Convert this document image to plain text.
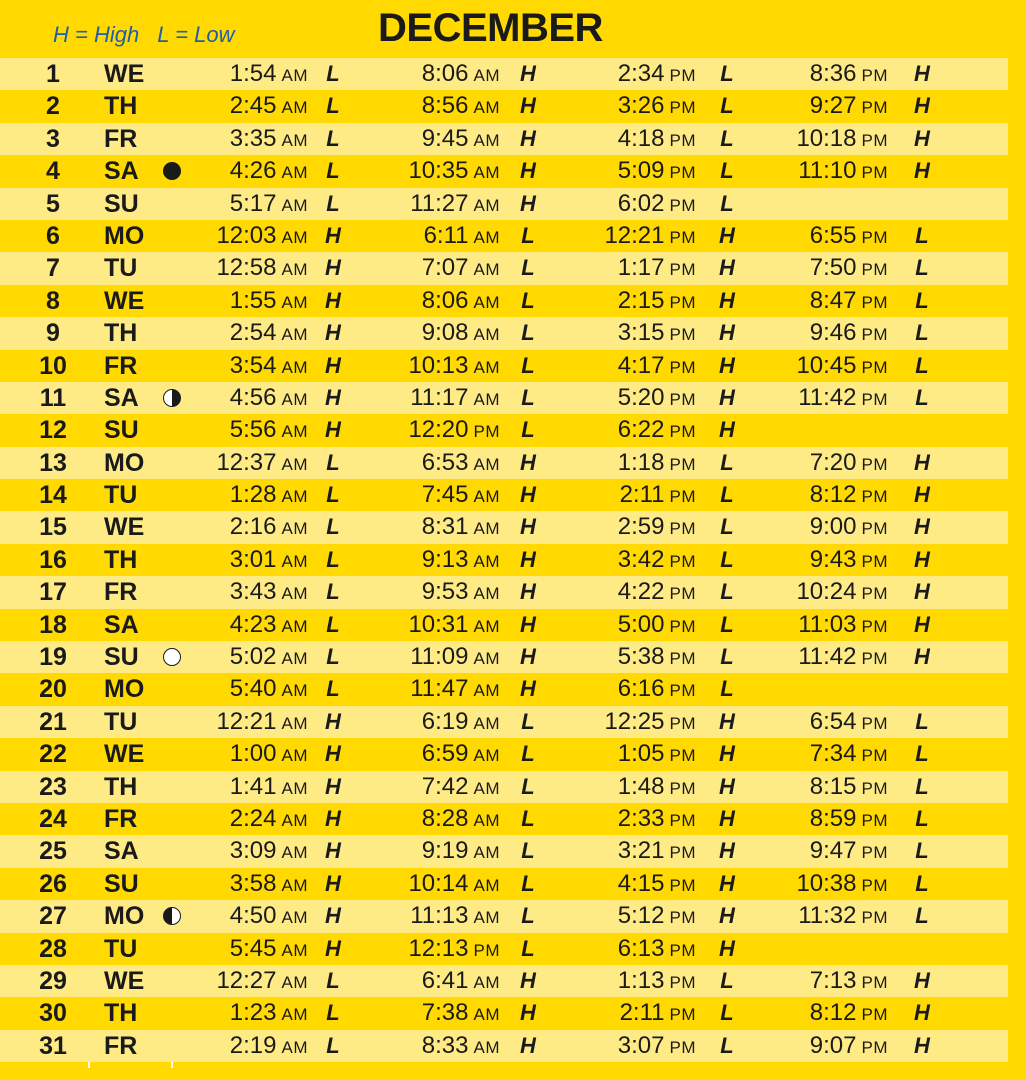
H = High L = Low	DECEMBER
1	WE	1:54 AM L	8:06 AM H	2:34 PM L	8:36 PM H
2	TH	2:45 AM L	8:56 AM H	3:26 PM L	9:27 PM H
3	FR	3:35 AM L	9:45 AM H	4:18 PM L	10:18 PM H
4	SA	4:26 AM L	10:35 AM H	5:09 PM L	11:10 PM H
5	SU	5:17 AM L	11:27 AM H	6:02 PM L
6	MO	12:03 AM H	6:11 AM L	12:21 PM H	6:55 PM L
7	TU	12:58 AM H	7:07 AM L	1:17 PM H	7:50 PM L
8	WE	1:55 AM H	8:06 AM L	2:15 PM H	8:47 PM L
9	TH	2:54 AM H	9:08 AM L	3:15 PM H	9:46 PM L
10	FR	3:54 AM H	10:13 AM L	4:17 PM H	10:45 PM L
11	SA	4:56 AM H	11:17 AM L	5:20 PM H	11:42 PM L
12	SU	5:56 AM H	12:20 PM L	6:22 PM H
13	MO	12:37 AM L	6:53 AM H	1:18 PM L	7:20 PM H
14	TU	1:28 AM L	7:45 AM H	2:11 PM L	8:12 PM H
15	WE	2:16 AM L	8:31 AM H	2:59 PM L	9:00 PM H
16	TH	3:01 AM L	9:13 AM H	3:42 PM L	9:43 PM H
17	FR	3:43 AM L	9:53 AM H	4:22 PM L	10:24 PM H
18	SA	4:23 AM L	10:31 AM H	5:00 PM L	11:03 PM H
19	SU	5:02 AM L	11:09 AM H	5:38 PM L	11:42 PM H
20	MO	5:40 AM L	11:47 AM H	6:16 PM L
21	TU	12:21 AM H	6:19 AM L	12:25 PM H	6:54 PM L
22	WE	1:00 AM H	6:59 AM L	1:05 PM H	7:34 PM L
23	TH	1:41 AM H	7:42 AM L	1:48 PM H	8:15 PM L
24	FR	2:24 AM H	8:28 AM L	2:33 PM H	8:59 PM L
25	SA	3:09 AM H	9:19 AM L	3:21 PM H	9:47 PM L
26	SU	3:58 AM H	10:14 AM L	4:15 PM H	10:38 PM L
27	MO	4:50 AM H	11:13 AM L	5:12 PM H	11:32 PM L
28	TU	5:45 AM H	12:13 PM L	6:13 PM H
29	WE	12:27 AM L	6:41 AM H	1:13 PM L	7:13 PM H
30	TH	1:23 AM L	7:38 AM H	2:11 PM L	8:12 PM H
31	FR	2:19 AM L	8:33 AM H	3:07 PM L	9:07 PM H
